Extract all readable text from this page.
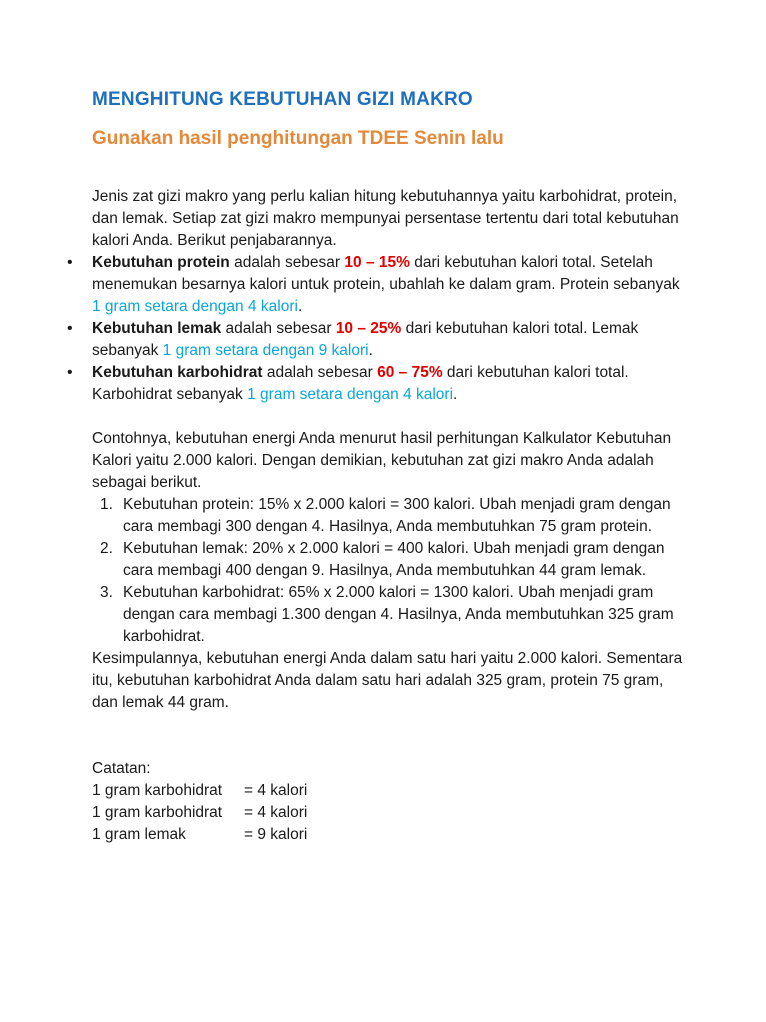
MENGHITUNG KEBUTUHAN GIZI MAKRO
Gunakan hasil penghitungan TDEE Senin lalu

Jenis zat gizi makro yang perlu kalian hitung kebutuhannya yaitu karbohidrat, protein, dan lemak. Setiap zat gizi makro mempunyai persentase tertentu dari total kebutuhan kalori Anda. Berikut penjabarannya.

• Kebutuhan protein adalah sebesar 10 – 15% dari kebutuhan kalori total. Setelah menemukan besarnya kalori untuk protein, ubahlah ke dalam gram. Protein sebanyak 1 gram setara dengan 4 kalori.
• Kebutuhan lemak adalah sebesar 10 – 25% dari kebutuhan kalori total. Lemak sebanyak 1 gram setara dengan 9 kalori.
• Kebutuhan karbohidrat adalah sebesar 60 – 75% dari kebutuhan kalori total. Karbohidrat sebanyak 1 gram setara dengan 4 kalori.

Contohnya, kebutuhan energi Anda menurut hasil perhitungan Kalkulator Kebutuhan Kalori yaitu 2.000 kalori. Dengan demikian, kebutuhan zat gizi makro Anda adalah sebagai berikut.

1. Kebutuhan protein: 15% x 2.000 kalori = 300 kalori. Ubah menjadi gram dengan cara membagi 300 dengan 4. Hasilnya, Anda membutuhkan 75 gram protein.
2. Kebutuhan lemak: 20% x 2.000 kalori = 400 kalori. Ubah menjadi gram dengan cara membagi 400 dengan 9. Hasilnya, Anda membutuhkan 44 gram lemak.
3. Kebutuhan karbohidrat: 65% x 2.000 kalori = 1300 kalori. Ubah menjadi gram dengan cara membagi 1.300 dengan 4. Hasilnya, Anda membutuhkan 325 gram karbohidrat.

Kesimpulannya, kebutuhan energi Anda dalam satu hari yaitu 2.000 kalori. Sementara itu, kebutuhan karbohidrat Anda dalam satu hari adalah 325 gram, protein 75 gram, dan lemak 44 gram.

Catatan:
1 gram karbohidrat	= 4 kalori
1 gram karbohidrat	= 4 kalori
1 gram lemak	= 9 kalori
